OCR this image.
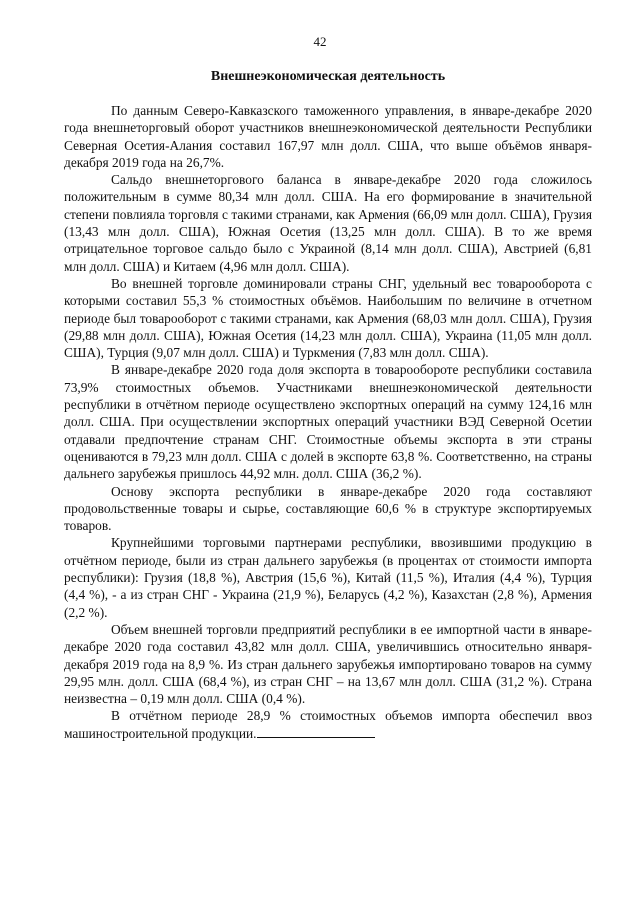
42
Внешнеэкономическая деятельность

По данным Северо-Кавказского таможенного управления, в январе-декабре 2020 года внешнеторговый оборот участников внешнеэкономической деятельности Республики Северная Осетия-Алания составил 167,97 млн долл. США, что выше объёмов января-декабря 2019 года на 26,7%.

Сальдо внешнеторгового баланса в январе-декабре 2020 года сложилось положительным в сумме 80,34 млн долл. США. На его формирование в значительной степени повлияла торговля с такими странами, как Армения (66,09 млн долл. США), Грузия (13,43 млн долл. США), Южная Осетия (13,25 млн долл. США). В то же время отрицательное торговое сальдо было с Украиной (8,14 млн долл. США), Австрией (6,81 млн долл. США) и Китаем (4,96 млн долл. США).

Во внешней торговле доминировали страны СНГ, удельный вес товарооборота с которыми составил 55,3 % стоимостных объёмов. Наибольшим по величине в отчетном периоде был товарооборот с такими странами, как Армения (68,03 млн долл. США), Грузия (29,88 млн долл. США), Южная Осетия (14,23 млн долл. США), Украина (11,05 млн долл. США), Турция (9,07 млн долл. США) и Туркмения (7,83 млн долл. США).

В январе-декабре 2020 года доля экспорта в товарообороте республики составила 73,9% стоимостных объемов. Участниками внешнеэкономической деятельности республики в отчётном периоде осуществлено экспортных операций на сумму 124,16 млн долл. США. При осуществлении экспортных операций участники ВЭД Северной Осетии отдавали предпочтение странам СНГ. Стоимостные объемы экспорта в эти страны оцениваются в 79,23 млн долл. США с долей в экспорте 63,8 %. Соответственно, на страны дальнего зарубежья пришлось 44,92 млн. долл. США (36,2 %).

Основу экспорта республики в январе-декабре 2020 года составляют продовольственные товары и сырье, составляющие 60,6 % в структуре экспортируемых товаров.

Крупнейшими торговыми партнерами республики, ввозившими продукцию в отчётном периоде, были из стран дальнего зарубежья (в процентах от стоимости импорта республики): Грузия (18,8 %), Австрия (15,6 %), Китай (11,5 %), Италия (4,4 %), Турция (4,4 %), - а из стран СНГ - Украина (21,9 %), Беларусь (4,2 %), Казахстан (2,8 %), Армения (2,2 %).

Объем внешней торговли предприятий республики в ее импортной части в январе-декабре 2020 года составил 43,82 млн долл. США, увеличившись относительно января-декабря 2019 года на 8,9 %. Из стран дальнего зарубежья импортировано товаров на сумму 29,95 млн. долл. США (68,4 %), из стран СНГ – на 13,67 млн долл. США (31,2 %). Страна неизвестна – 0,19 млн долл. США (0,4 %).

В отчётном периоде 28,9 % стоимостных объемов импорта обеспечил ввоз машиностроительной продукции.
